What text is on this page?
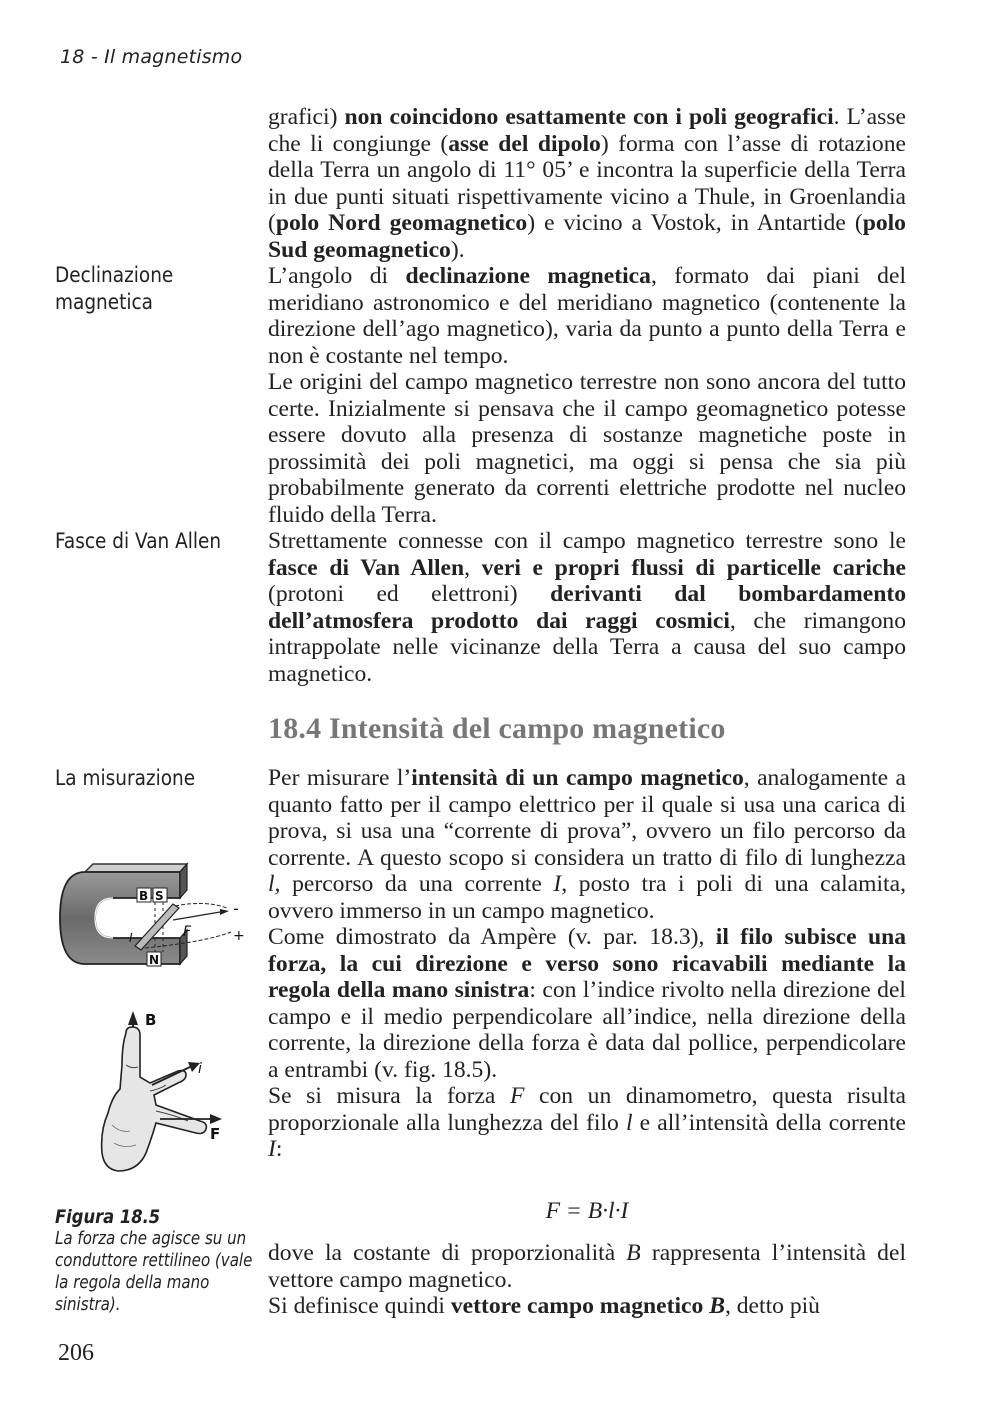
18 - Il magnetismo
Declinazione magnetica
Fasce di Van Allen
La misurazione

grafici) non coincidono esattamente con i poli geografici. L’asse che li congiunge (asse del dipolo) forma con l’asse di rotazione della Terra un angolo di 11° 05’ e incontra la superficie della Terra in due punti situati rispettivamente vicino a Thule, in Groenlandia (polo Nord geomagnetico) e vicino a Vostok, in Antartide (polo Sud geomagnetico).

L’angolo di declinazione magnetica, formato dai piani del meridiano astronomico e del meridiano magnetico (contenente la direzione dell’ago magnetico), varia da punto a punto della Terra e non è costante nel tempo.

Le origini del campo magnetico terrestre non sono ancora del tutto certe. Inizialmente si pensava che il campo geomagnetico potesse essere dovuto alla presenza di sostanze magnetiche poste in prossimità dei poli magnetici, ma oggi si pensa che sia più probabilmente generato da correnti elettriche prodotte nel nucleo fluido della Terra.

Strettamente connesse con il campo magnetico terrestre sono le fasce di Van Allen, veri e propri flussi di particelle cariche (protoni ed elettroni) derivanti dal bombardamento dell’atmosfera prodotto dai raggi cosmici, che rimangono intrappolate nelle vicinanze della Terra a causa del suo campo magnetico.

18.4 Intensità del campo magnetico

Per misurare l’intensità di un campo magnetico, analogamente a quanto fatto per il campo elettrico per il quale si usa una carica di prova, si usa una “corrente di prova”, ovvero un filo percorso da corrente. A questo scopo si considera un tratto di filo di lunghezza l, percorso da una corrente I, posto tra i poli di una calamita, ovvero immerso in un campo magnetico.

Come dimostrato da Ampère (v. par. 18.3), il filo subisce una forza, la cui direzione e verso sono ricavabili mediante la regola della mano sinistra: con l’indice rivolto nella direzione del campo e il medio perpendicolare all’indice, nella direzione della corrente, la direzione della forza è data dal pollice, perpendicolare a entrambi (v. fig. 18.5).

Se si misura la forza F con un dinamometro, questa risulta proporzionale alla lunghezza del filo l e all’intensità della corrente I:

F = B·l·I

dove la costante di proporzionalità B rappresenta l’intensità del vettore campo magnetico.

Si definisce quindi vettore campo magnetico B, detto più

B S
N
F
I
-
+
B
i
F
Figura 18.5
La forza che agisce su un conduttore rettilineo (vale la regola della mano sinistra).
206
